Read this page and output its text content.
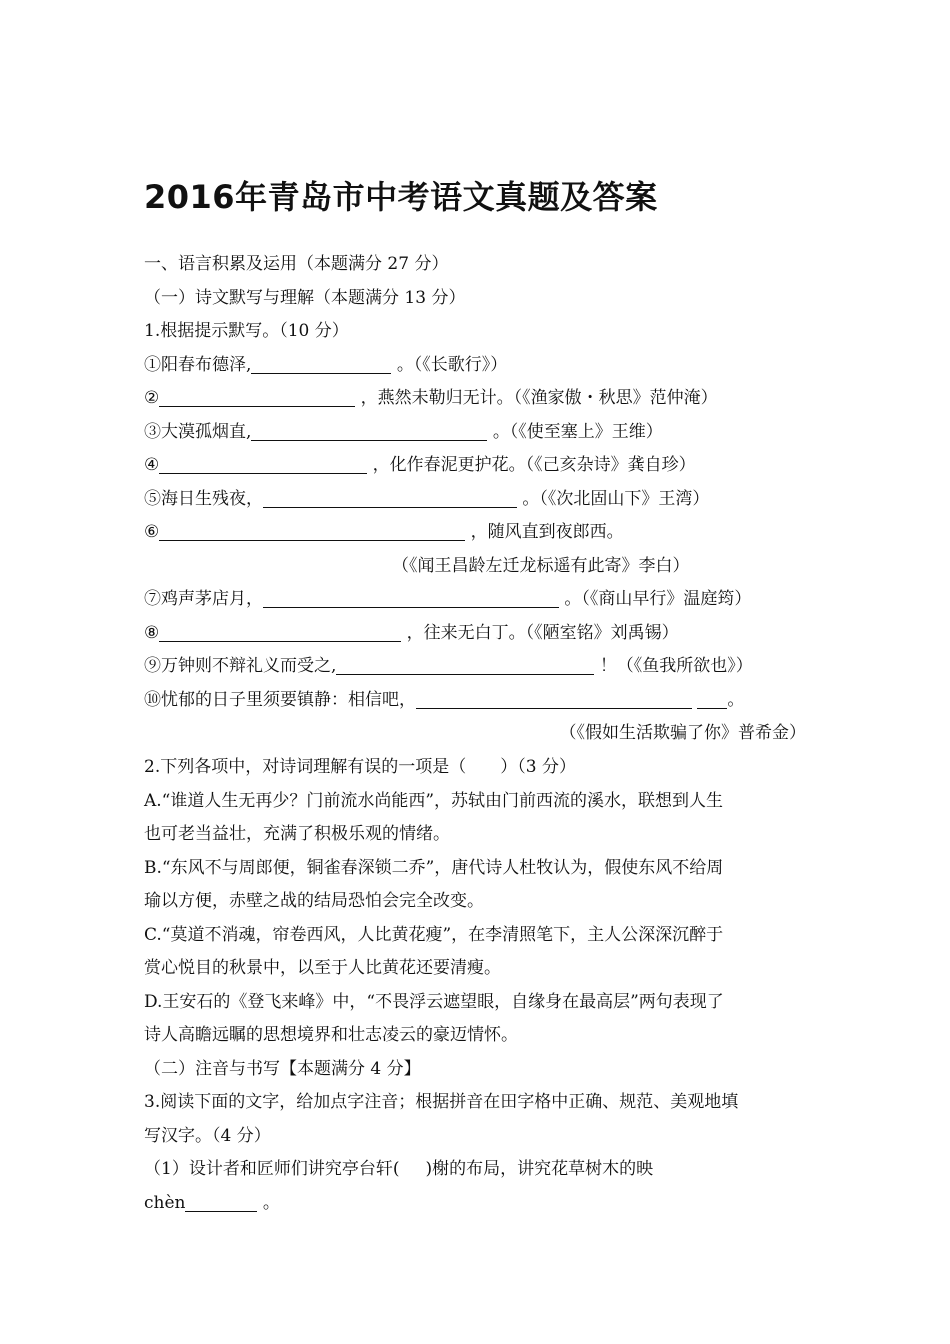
2016年青岛市中考语文真题及答案
一、语言积累及运用（本题满分 27 分）
（一）诗文默写与理解（本题满分 13 分）
1.根据提示默写。（10 分）
①阳春布德泽,	。（《长歌行》）
②	，燕然未勒归无计。（《渔家傲・秋思》范仲淹）
③大漠孤烟直,	。（《使至塞上》王维）
④	，化作春泥更护花。（《己亥杂诗》龚自珍）
⑤海日生残夜，	。（《次北固山下》王湾）
⑥	，随风直到夜郎西。
（《闻王昌龄左迁龙标遥有此寄》李白）
⑦鸡声茅店月，	。（《商山早行》温庭筠）
⑧	，往来无白丁。（《陋室铭》刘禹锡）
⑨万钟则不辩礼义而受之,	！（《鱼我所欲也》）
⑩忧郁的日子里须要镇静：相信吧，	。
（《假如生活欺骗了你》普希金）
2.下列各项中，对诗词理解有误的一项是（　　）（3 分）
A.“谁道人生无再少？门前流水尚能西”，苏轼由门前西流的溪水，联想到人生
也可老当益壮，充满了积极乐观的情绪。
B.“东风不与周郎便，铜雀春深锁二乔”，唐代诗人杜牧认为，假使东风不给周
瑜以方便，赤壁之战的结局恐怕会完全改变。
C.“莫道不消魂，帘卷西风，人比黄花瘦”，在李清照笔下，主人公深深沉醉于
赏心悦目的秋景中，以至于人比黄花还要清瘦。
D.王安石的《登飞来峰》中，“不畏浮云遮望眼，自缘身在最高层”两句表现了
诗人高瞻远瞩的思想境界和壮志凌云的豪迈情怀。
（二）注音与书写【本题满分 4 分】
3.阅读下面的文字，给加点字注音；根据拼音在田字格中正确、规范、美观地填
写汉字。（4 分）
（1）设计者和匠师们讲究亭台轩( )榭的布局，讲究花草树木的映
chèn	。
